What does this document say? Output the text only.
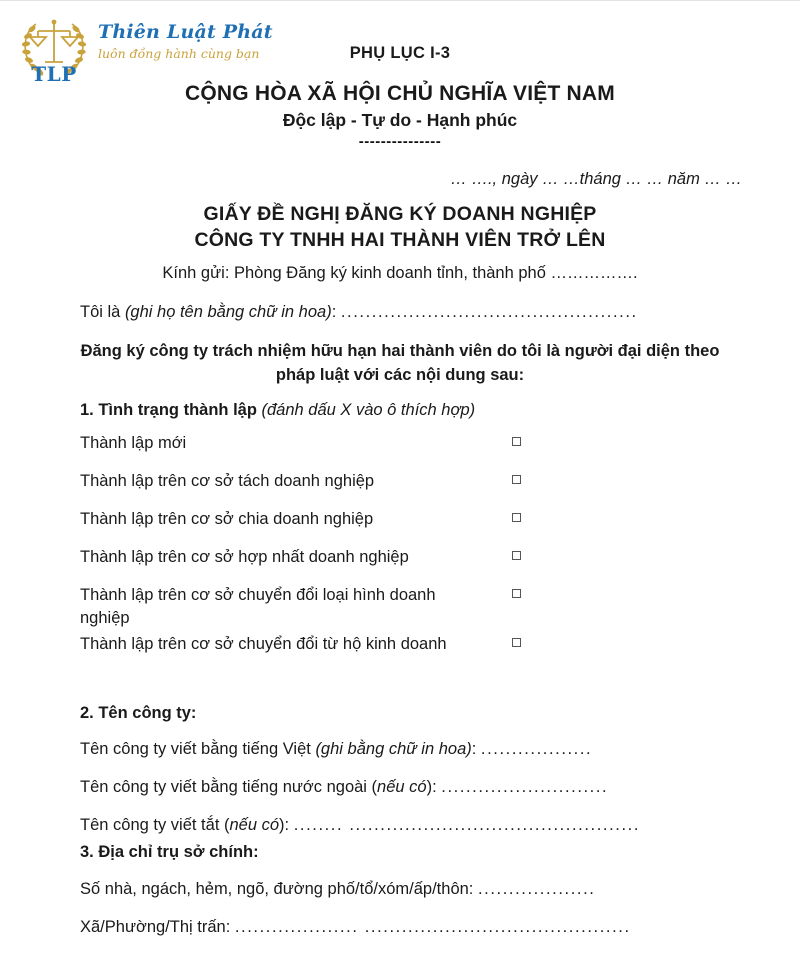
TLP
Thiên Luật Phát
luôn đồng hành cùng bạn	PHỤ LỤC I-3
CỘNG HÒA XÃ HỘI CHỦ NGHĨA VIỆT NAM
Độc lập - Tự do - Hạnh phúc
---------------
… …., ngày … …tháng … … năm … …
GIẤY ĐỀ NGHỊ ĐĂNG KÝ DOANH NGHIỆP
CÔNG TY TNHH HAI THÀNH VIÊN TRỞ LÊN
Kính gửi: Phòng Đăng ký kinh doanh tỉnh, thành phố …………….
Tôi là (ghi họ tên bằng chữ in hoa): ................................................
Đăng ký công ty trách nhiệm hữu hạn hai thành viên do tôi là người đại diện theo pháp luật với các nội dung sau:
1. Tình trạng thành lập (đánh dấu X vào ô thích hợp)
Thành lập mới
Thành lập trên cơ sở tách doanh nghiệp
Thành lập trên cơ sở chia doanh nghiệp
Thành lập trên cơ sở hợp nhất doanh nghiệp
Thành lập trên cơ sở chuyển đổi loại hình doanh nghiệp
Thành lập trên cơ sở chuyển đổi từ hộ kinh doanh
2. Tên công ty:
Tên công ty viết bằng tiếng Việt (ghi bằng chữ in hoa): ..................
Tên công ty viết bằng tiếng nước ngoài (nếu có): ...........................
Tên công ty viết tắt (nếu có): ........ ...............................................
3. Địa chỉ trụ sở chính:
Số nhà, ngách, hẻm, ngõ, đường phố/tổ/xóm/ấp/thôn: ...................
Xã/Phường/Thị trấn: .................... ...........................................
